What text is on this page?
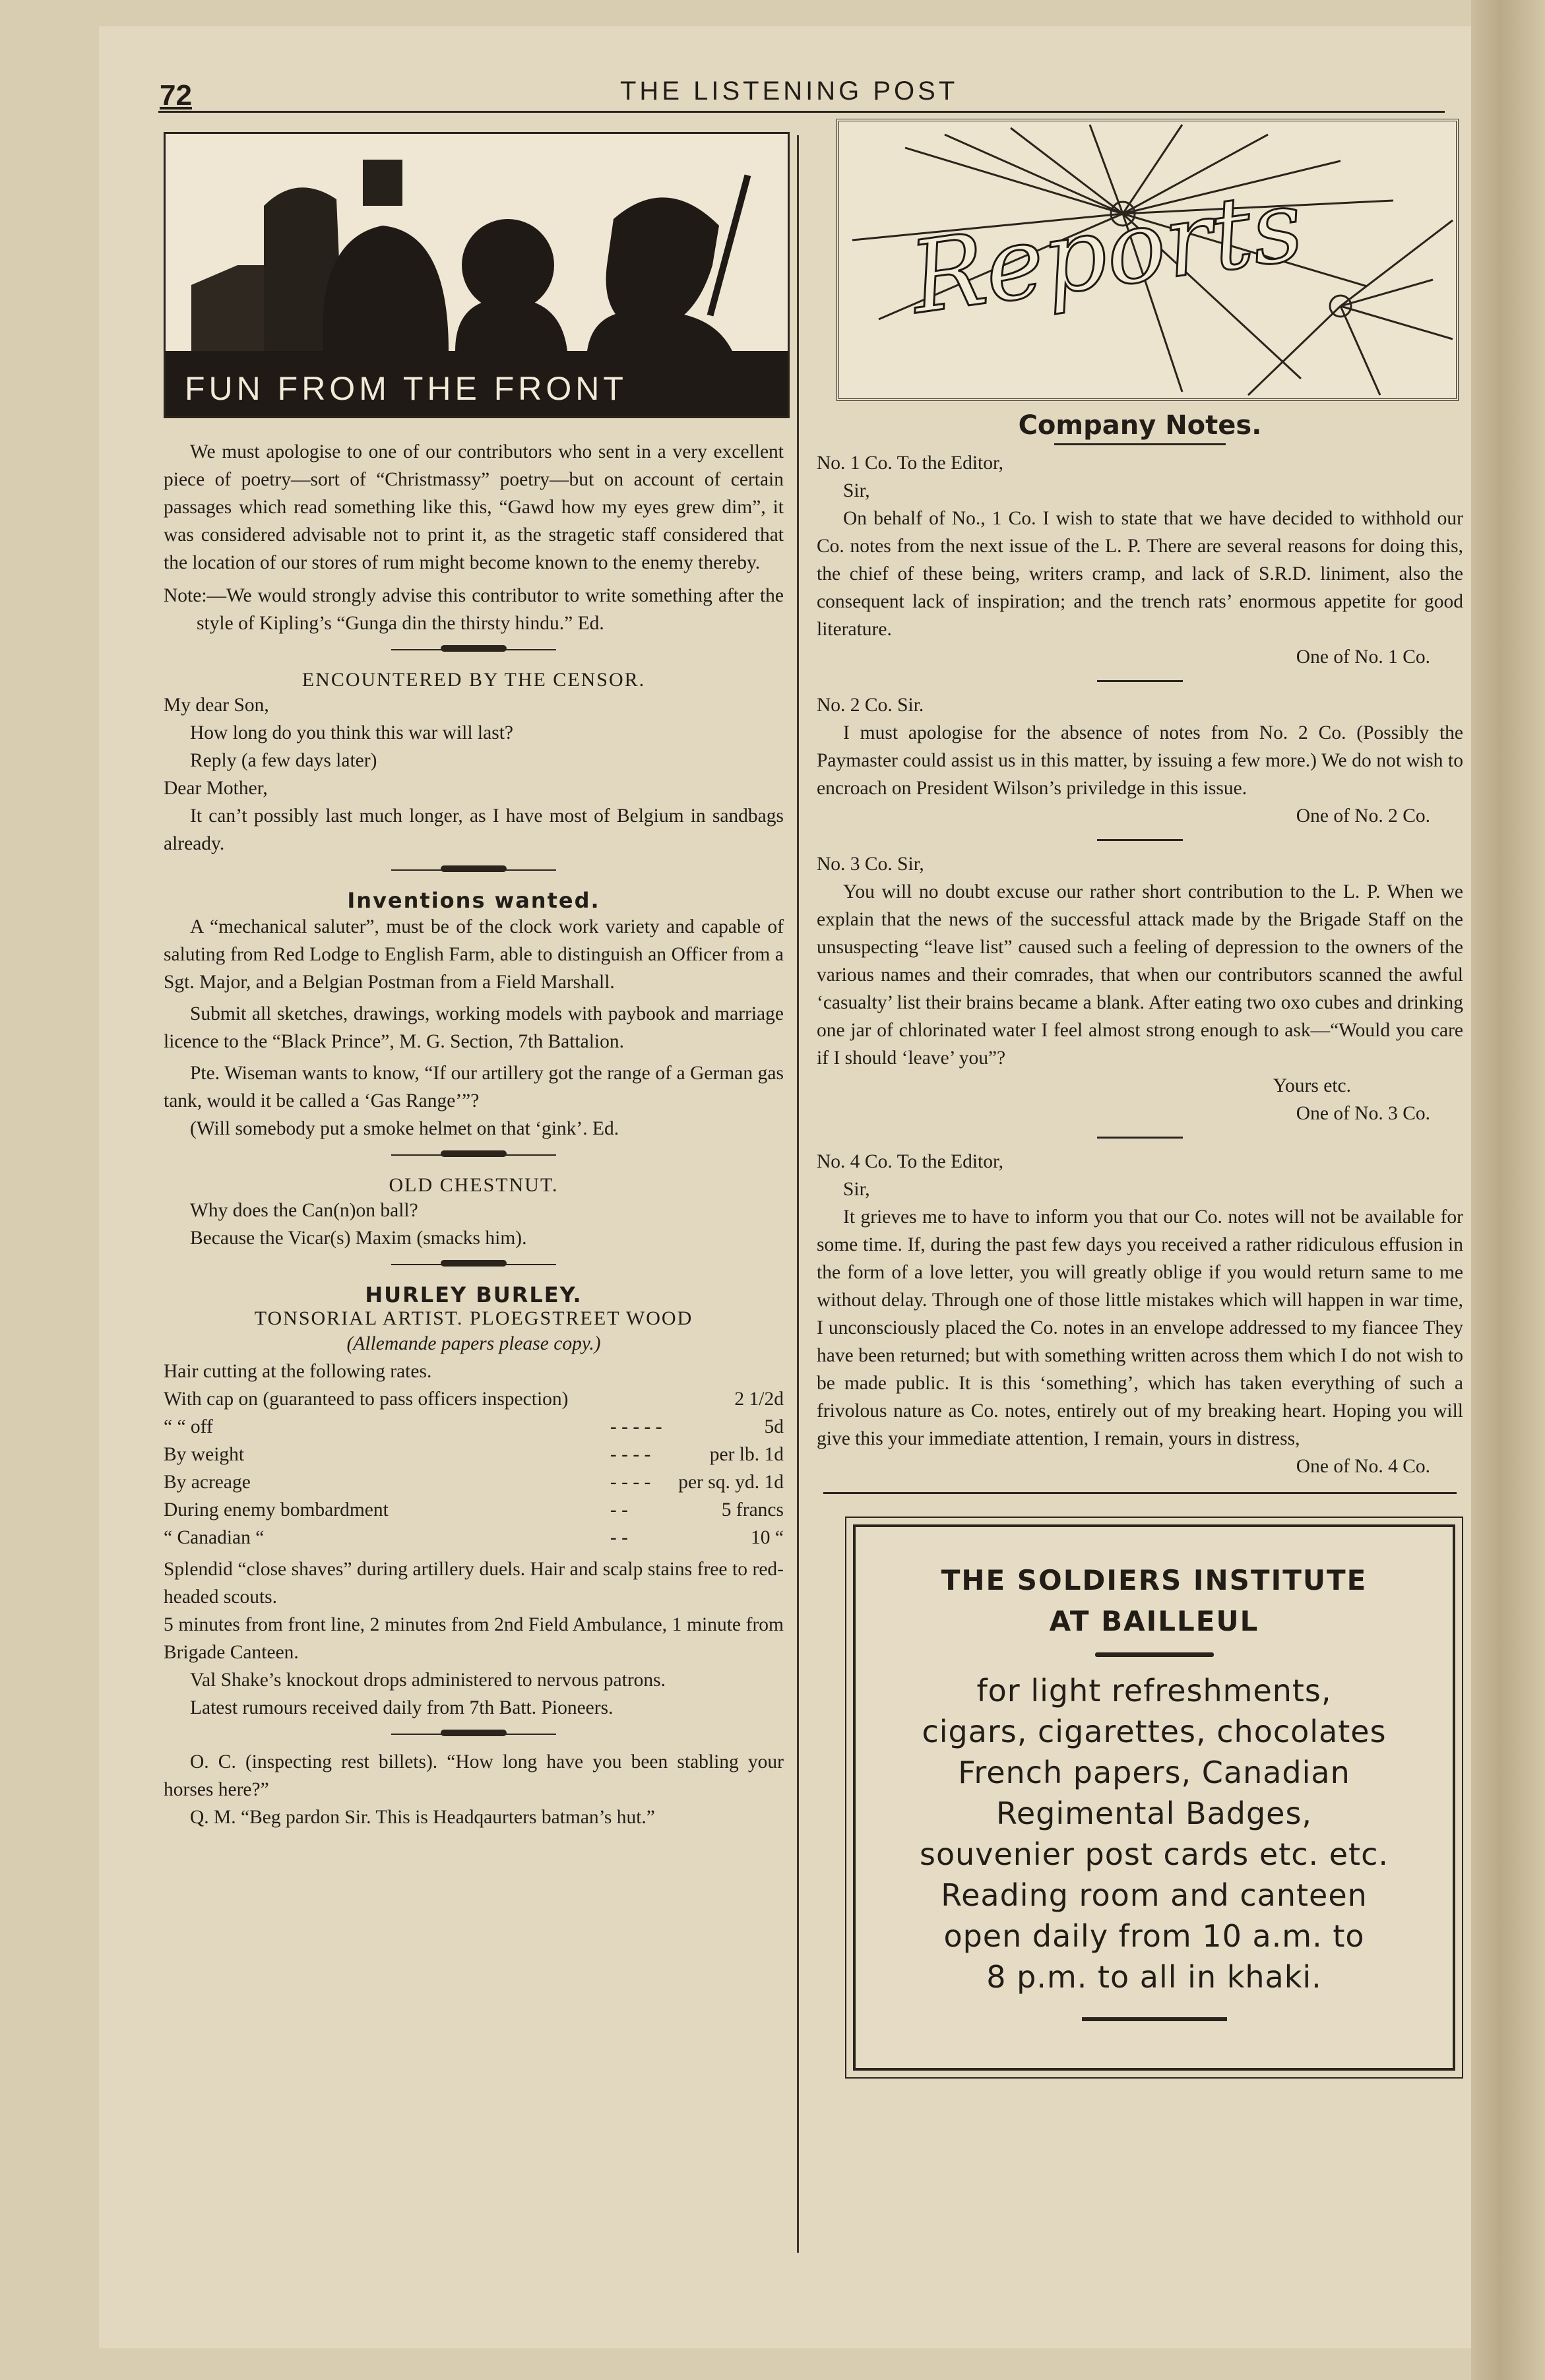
72	THE LISTENING POST
FUN FROM THE FRONT

We must apologise to one of our contributors who sent in a very excellent piece of poetry—sort of “Christmassy” poetry—but on account of certain passages which read something like this, “Gawd how my eyes grew dim”, it was considered advisable not to print it, as the stragetic staff considered that the location of our stores of rum might become known to the enemy thereby.

Note:—We would strongly advise this contributor to write something after the style of Kipling’s “Gunga din the thirsty hindu.” Ed.

ENCOUNTERED BY THE CENSOR.

My dear Son,

How long do you think this war will last?

Reply (a few days later)

Dear Mother,

It can’t possibly last much longer, as I have most of Belgium in sandbags already.

Inventions wanted.

A “mechanical saluter”, must be of the clock work variety and capable of saluting from Red Lodge to English Farm, able to distinguish an Officer from a Sgt. Major, and a Belgian Postman from a Field Marshall.

Submit all sketches, drawings, working models with paybook and marriage licence to the “Black Prince”, M. G. Section, 7th Battalion.

Pte. Wiseman wants to know, “If our artillery got the range of a German gas tank, would it be called a ‘Gas Range’”?

(Will somebody put a smoke helmet on that ‘gink’. Ed.

OLD CHESTNUT.

Why does the Can(n)on ball?

Because the Vicar(s) Maxim (smacks him).

HURLEY BURLEY.
TONSORIAL ARTIST. PLOEGSTREET WOOD

(Allemande papers please copy.)

Hair cutting at the following rates.

With cap on (guaranteed to pass officers inspection)		2 1/2d
“ “ off	- - - - -	5d
By weight	- - - -	per lb. 1d
By acreage	- - - -	per sq. yd. 1d
During enemy bombardment	- -	5 francs
“ Canadian “	- -	10 “

Splendid “close shaves” during artillery duels. Hair and scalp stains free to red-headed scouts.

5 minutes from front line, 2 minutes from 2nd Field Ambulance, 1 minute from Brigade Canteen.

Val Shake’s knockout drops administered to nervous patrons.

Latest rumours received daily from 7th Batt. Pioneers.

O. C. (inspecting rest billets). “How long have you been stabling your horses here?”

Q. M. “Beg pardon Sir. This is Headqaurters batman’s hut.”

Reports
Company Notes.

No. 1 Co. To the Editor,

Sir,

On behalf of No., 1 Co. I wish to state that we have decided to withhold our Co. notes from the next issue of the L. P. There are several reasons for doing this, the chief of these being, writers cramp, and lack of S.R.D. liniment, also the consequent lack of inspiration; and the trench rats’ enormous appetite for good literature.

One of No. 1 Co.

No. 2 Co. Sir.

I must apologise for the absence of notes from No. 2 Co. (Possibly the Paymaster could assist us in this matter, by issuing a few more.) We do not wish to encroach on President Wilson’s priviledge in this issue.

One of No. 2 Co.

No. 3 Co. Sir,

You will no doubt excuse our rather short contribution to the L. P. When we explain that the news of the successful attack made by the Brigade Staff on the unsuspecting “leave list” caused such a feeling of depression to the owners of the various names and their comrades, that when our contributors scanned the awful ‘casualty’ list their brains became a blank. After eating two oxo cubes and drinking one jar of chlorinated water I feel almost strong enough to ask—“Would you care if I should ‘leave’ you”?

Yours etc.

One of No. 3 Co.

No. 4 Co. To the Editor,

Sir,

It grieves me to have to inform you that our Co. notes will not be available for some time. If, during the past few days you received a rather ridiculous effusion in the form of a love letter, you will greatly oblige if you would return same to me without delay. Through one of those little mistakes which will happen in war time, I unconsciously placed the Co. notes in an envelope addressed to my fiancee They have been returned; but with something written across them which I do not wish to be made public. It is this ‘something’, which has taken everything of such a frivolous nature as Co. notes, entirely out of my breaking heart. Hoping you will give this your immediate attention, I remain, yours in distress,

One of No. 4 Co.

THE SOLDIERS INSTITUTE
AT BAILLEUL
for light refreshments,
cigars, cigarettes, chocolates
French papers, Canadian
Regimental Badges,
souvenier post cards etc. etc.
Reading room and canteen
open daily from 10 a.m. to
8 p.m. to all in khaki.
